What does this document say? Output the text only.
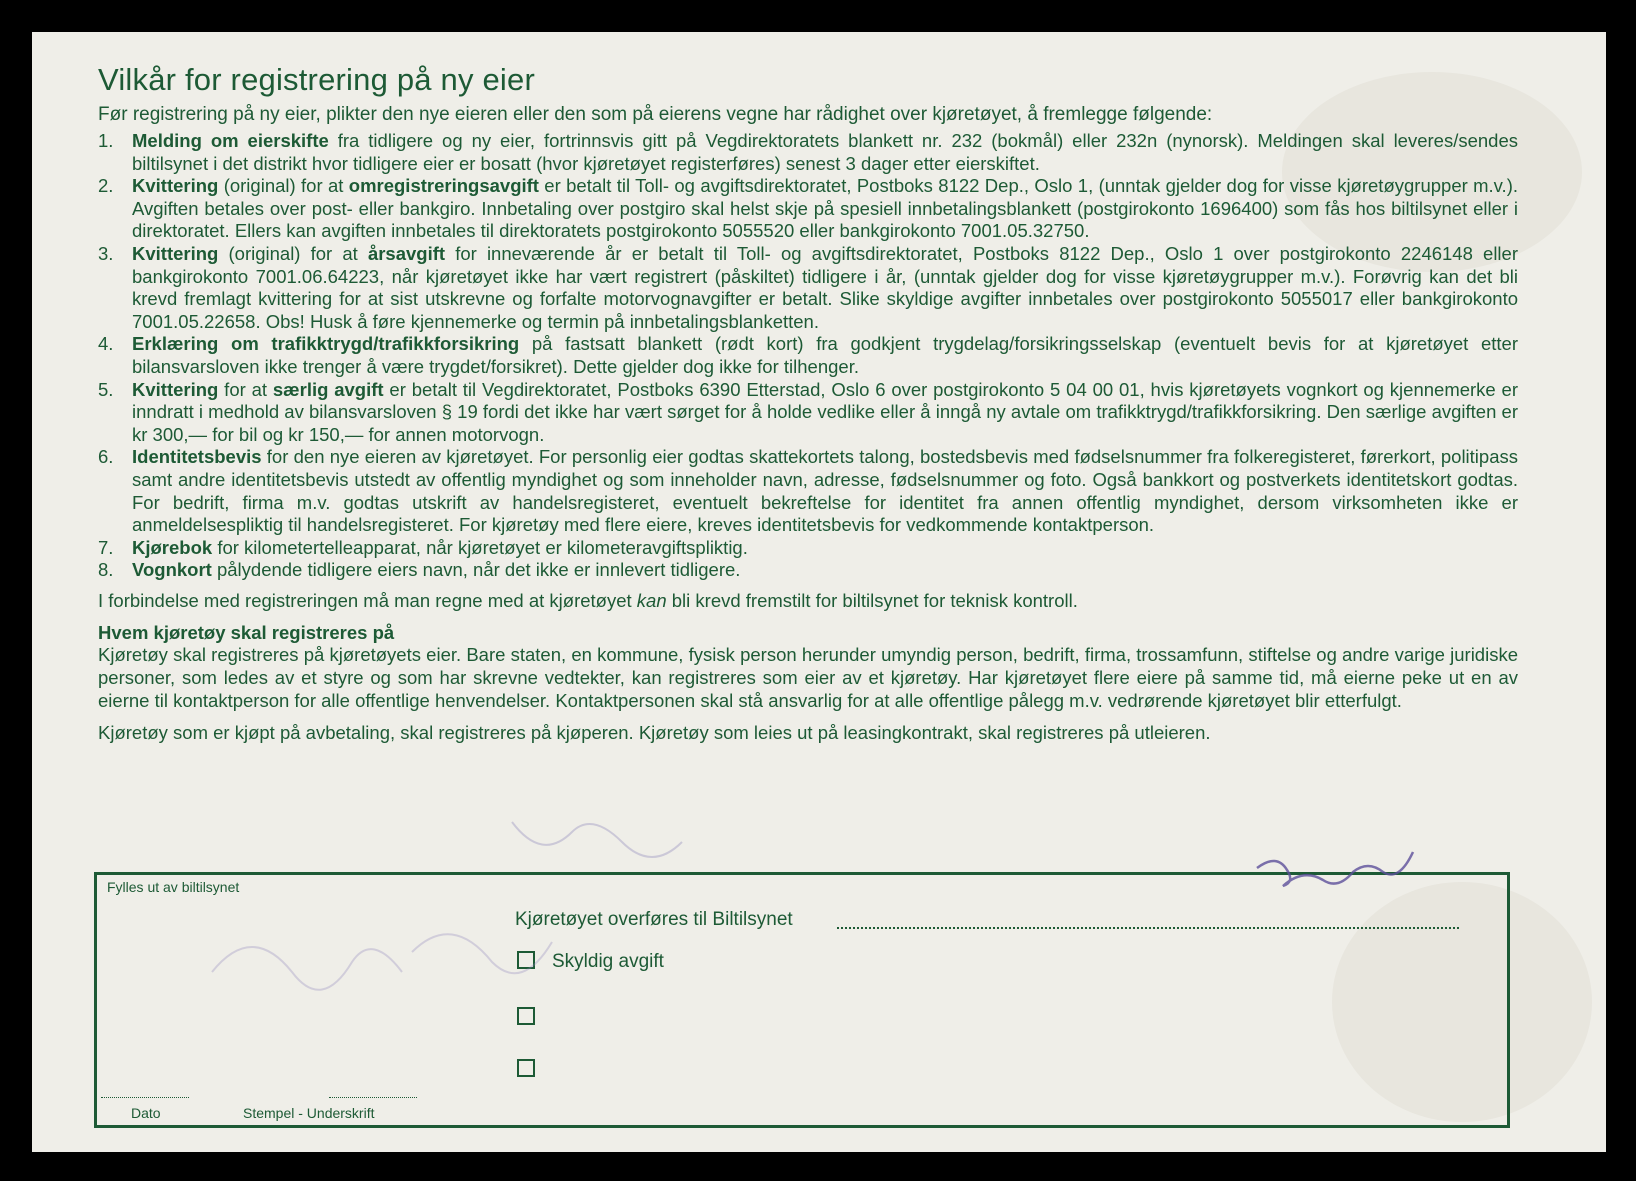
Vilkår for registrering på ny eier

Før registrering på ny eier, plikter den nye eieren eller den som på eierens vegne har rådighet over kjøretøyet, å fremlegge følgende:

1. Melding om eierskifte fra tidligere og ny eier, fortrinnsvis gitt på Vegdirektoratets blankett nr. 232 (bokmål) eller 232n (nynorsk). Meldingen skal leveres/sendes biltilsynet i det distrikt hvor tidligere eier er bosatt (hvor kjøretøyet registerføres) senest 3 dager etter eierskiftet.
2. Kvittering (original) for at omregistreringsavgift er betalt til Toll- og avgiftsdirektoratet, Postboks 8122 Dep., Oslo 1, (unntak gjelder dog for visse kjøretøygrupper m.v.). Avgiften betales over post- eller bankgiro. Innbetaling over postgiro skal helst skje på spesiell innbetalingsblankett (postgirokonto 1696400) som fås hos biltilsynet eller i direktoratet. Ellers kan avgiften innbetales til direktoratets postgirokonto 5055520 eller bankgirokonto 7001.05.32750.
3. Kvittering (original) for at årsavgift for inneværende år er betalt til Toll- og avgiftsdirektoratet, Postboks 8122 Dep., Oslo 1 over postgirokonto 2246148 eller bankgirokonto 7001.06.64223, når kjøretøyet ikke har vært registrert (påskiltet) tidligere i år, (unntak gjelder dog for visse kjøretøygrupper m.v.). Forøvrig kan det bli krevd fremlagt kvittering for at sist utskrevne og forfalte motorvognavgifter er betalt. Slike skyldige avgifter innbetales over postgirokonto 5055017 eller bankgirokonto 7001.05.22658. Obs! Husk å føre kjennemerke og termin på innbetalingsblanketten.
4. Erklæring om trafikktrygd/trafikkforsikring på fastsatt blankett (rødt kort) fra godkjent trygdelag/forsikringsselskap (eventuelt bevis for at kjøretøyet etter bilansvarsloven ikke trenger å være trygdet/forsikret). Dette gjelder dog ikke for tilhenger.
5. Kvittering for at særlig avgift er betalt til Vegdirektoratet, Postboks 6390 Etterstad, Oslo 6 over postgirokonto 5 04 00 01, hvis kjøretøyets vognkort og kjennemerke er inndratt i medhold av bilansvarsloven § 19 fordi det ikke har vært sørget for å holde vedlike eller å inngå ny avtale om trafikktrygd/trafikkforsikring. Den særlige avgiften er kr 300,— for bil og kr 150,— for annen motorvogn.
6. Identitetsbevis for den nye eieren av kjøretøyet. For personlig eier godtas skattekortets talong, bostedsbevis med fødselsnummer fra folkeregisteret, førerkort, politipass samt andre identitetsbevis utstedt av offentlig myndighet og som inneholder navn, adresse, fødselsnummer og foto. Også bankkort og postverkets identitetskort godtas. For bedrift, firma m.v. godtas utskrift av handelsregisteret, eventuelt bekreftelse for identitet fra annen offentlig myndighet, dersom virksomheten ikke er anmeldelsespliktig til handelsregisteret. For kjøretøy med flere eiere, kreves identitetsbevis for vedkommende kontaktperson.
7. Kjørebok for kilometertelleapparat, når kjøretøyet er kilometeravgiftspliktig.
8. Vognkort pålydende tidligere eiers navn, når det ikke er innlevert tidligere.

I forbindelse med registreringen må man regne med at kjøretøyet kan bli krevd fremstilt for biltilsynet for teknisk kontroll.

Hvem kjøretøy skal registreres på

Kjøretøy skal registreres på kjøretøyets eier. Bare staten, en kommune, fysisk person herunder umyndig person, bedrift, firma, trossamfunn, stiftelse og andre varige juridiske personer, som ledes av et styre og som har skrevne vedtekter, kan registreres som eier av et kjøretøy. Har kjøretøyet flere eiere på samme tid, må eierne peke ut en av eierne til kontaktperson for alle offentlige henvendelser. Kontaktpersonen skal stå ansvarlig for at alle offentlige pålegg m.v. vedrørende kjøretøyet blir etterfulgt.

Kjøretøy som er kjøpt på avbetaling, skal registreres på kjøperen. Kjøretøy som leies ut på leasingkontrakt, skal registreres på utleieren.

Fylles ut av biltilsynet
Kjøretøyet overføres til Biltilsynet
Skyldig avgift
Dato	Stempel - Underskrift
